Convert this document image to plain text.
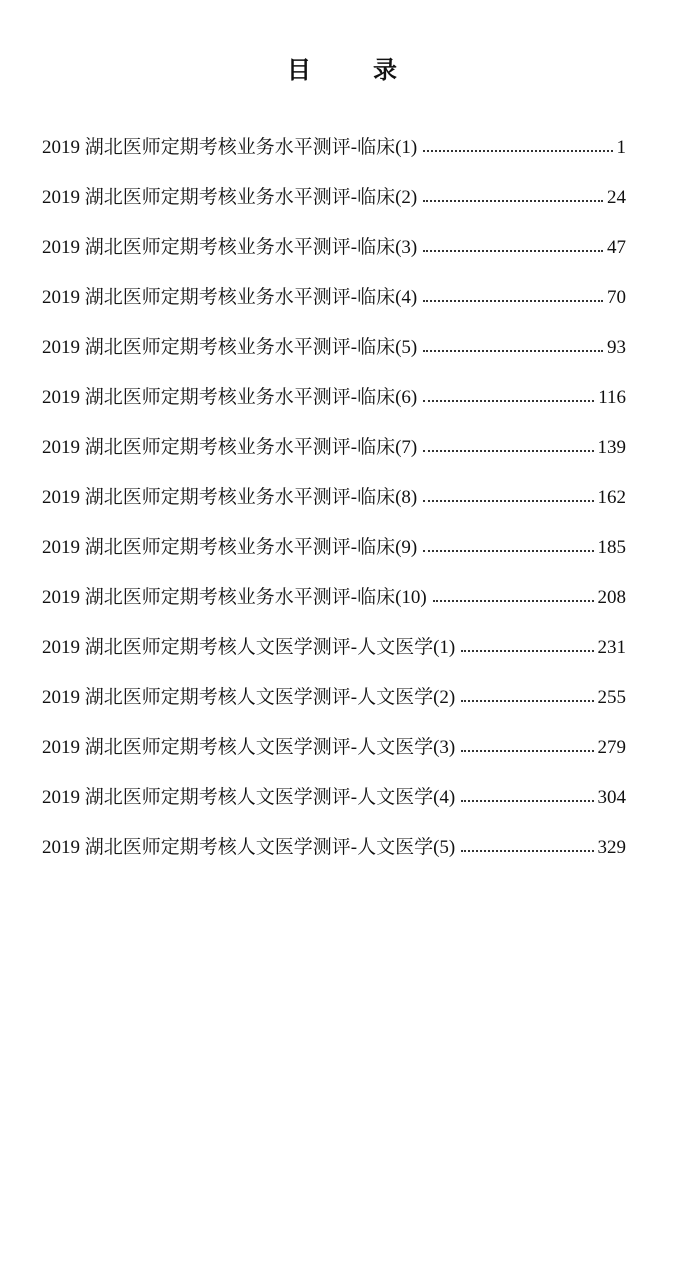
目	录
2019 湖北医师定期考核业务水平测评-临床(1)	1
2019 湖北医师定期考核业务水平测评-临床(2)	24
2019 湖北医师定期考核业务水平测评-临床(3)	47
2019 湖北医师定期考核业务水平测评-临床(4)	70
2019 湖北医师定期考核业务水平测评-临床(5)	93
2019 湖北医师定期考核业务水平测评-临床(6)	116
2019 湖北医师定期考核业务水平测评-临床(7)	139
2019 湖北医师定期考核业务水平测评-临床(8)	162
2019 湖北医师定期考核业务水平测评-临床(9)	185
2019 湖北医师定期考核业务水平测评-临床(10)	208
2019 湖北医师定期考核人文医学测评-人文医学(1)	231
2019 湖北医师定期考核人文医学测评-人文医学(2)	255
2019 湖北医师定期考核人文医学测评-人文医学(3)	279
2019 湖北医师定期考核人文医学测评-人文医学(4)	304
2019 湖北医师定期考核人文医学测评-人文医学(5)	329
